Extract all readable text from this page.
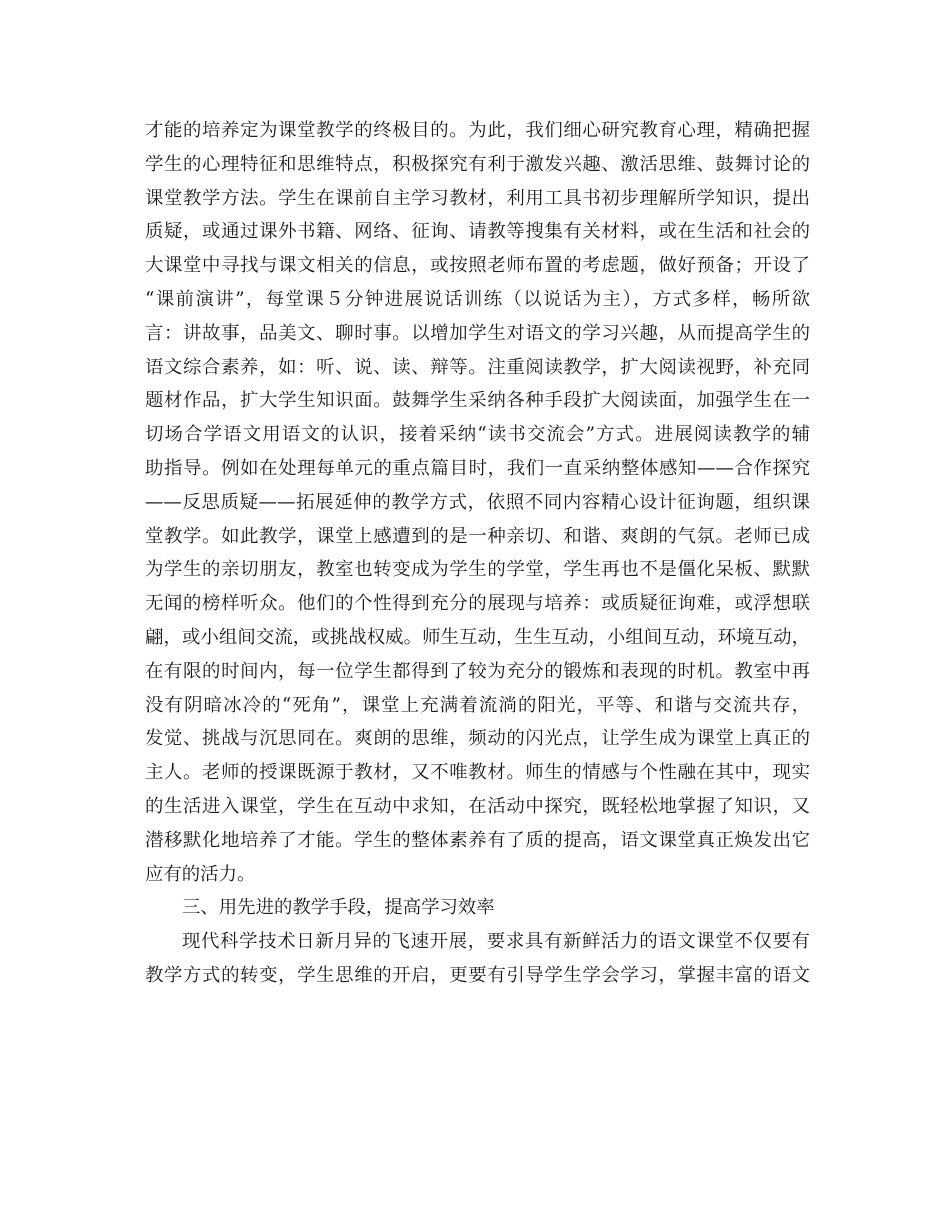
才能的培养定为课堂教学的终极目的。为此，我们细心研究教育心理，精确把握
学生的心理特征和思维特点，积极探究有利于激发兴趣、激活思维、鼓舞讨论的
课堂教学方法。学生在课前自主学习教材，利用工具书初步理解所学知识，提出
质疑，或通过课外书籍、网络、征询、请教等搜集有关材料，或在生活和社会的
大课堂中寻找与课文相关的信息，或按照老师布置的考虑题，做好预备；开设了
“课前演讲”，每堂课５分钟进展说话训练（以说话为主），方式多样，畅所欲
言：讲故事，品美文、聊时事。以增加学生对语文的学习兴趣，从而提高学生的
语文综合素养，如：听、说、读、辩等。注重阅读教学，扩大阅读视野，补充同
题材作品，扩大学生知识面。鼓舞学生采纳各种手段扩大阅读面，加强学生在一
切场合学语文用语文的认识，接着采纳“读书交流会”方式。进展阅读教学的辅
助指导。例如在处理每单元的重点篇目时，我们一直采纳整体感知——合作探究
——反思质疑——拓展延伸的教学方式，依照不同内容精心设计征询题，组织课
堂教学。如此教学，课堂上感遭到的是一种亲切、和谐、爽朗的气氛。老师已成
为学生的亲切朋友，教室也转变成为学生的学堂，学生再也不是僵化呆板、默默
无闻的榜样听众。他们的个性得到充分的展现与培养：或质疑征询难，或浮想联
翩，或小组间交流，或挑战权威。师生互动，生生互动，小组间互动，环境互动，
在有限的时间内，每一位学生都得到了较为充分的锻炼和表现的时机。教室中再
没有阴暗冰冷的“死角”，课堂上充满着流淌的阳光，平等、和谐与交流共存，
发觉、挑战与沉思同在。爽朗的思维，频动的闪光点，让学生成为课堂上真正的
主人。老师的授课既源于教材，又不唯教材。师生的情感与个性融在其中，现实
的生活进入课堂，学生在互动中求知，在活动中探究，既轻松地掌握了知识，又
潜移默化地培养了才能。学生的整体素养有了质的提高，语文课堂真正焕发出它
应有的活力。
三、用先进的教学手段，提高学习效率
现代科学技术日新月异的飞速开展，要求具有新鲜活力的语文课堂不仅要有
教学方式的转变，学生思维的开启，更要有引导学生学会学习，掌握丰富的语文
